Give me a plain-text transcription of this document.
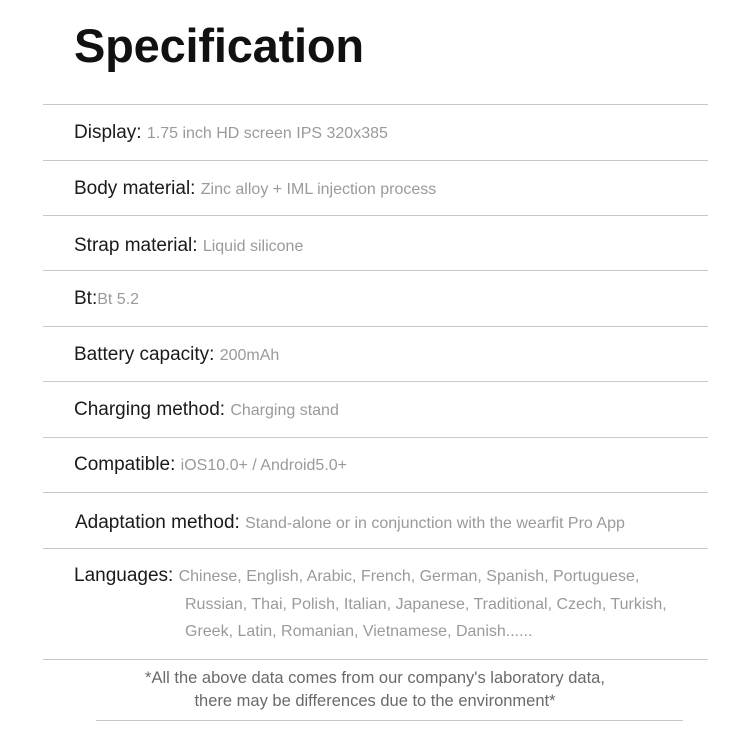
Specification
Display: 1.75 inch HD screen IPS 320x385
Body material: Zinc alloy + IML injection process
Strap material: Liquid silicone
Bt:Bt 5.2
Battery capacity: 200mAh
Charging method: Charging stand
Compatible: iOS10.0+ / Android5.0+
Adaptation method: Stand-alone or in conjunction with the wearfit Pro App
Languages: Chinese, English, Arabic, French, German, Spanish, Portuguese,
Russian, Thai, Polish, Italian, Japanese, Traditional, Czech, Turkish,
Greek, Latin, Romanian, Vietnamese, Danish......
*All the above data comes from our company's laboratory data,
there may be differences due to the environment*
